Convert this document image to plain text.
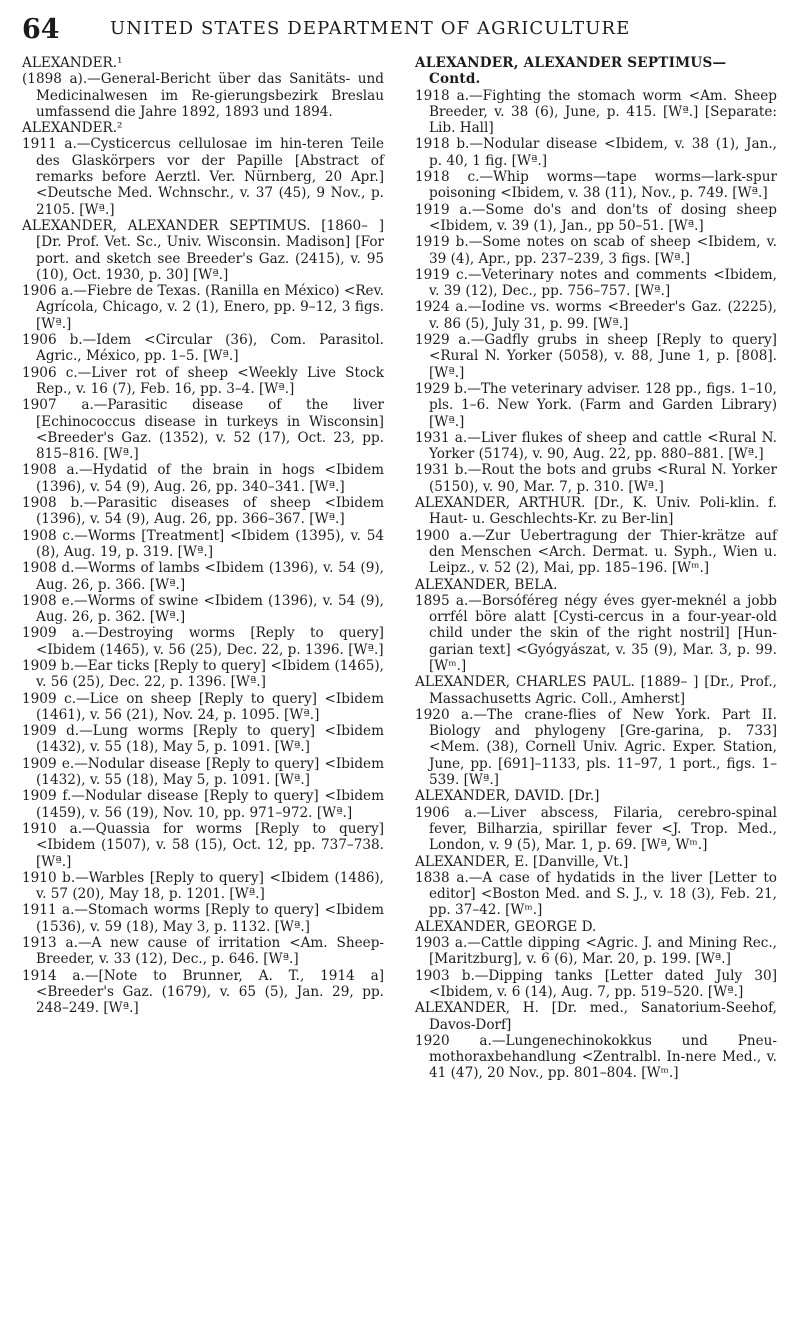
64	UNITED STATES DEPARTMENT OF AGRICULTURE

ALEXANDER.¹

(1898 a).—General-Bericht über das Sanitäts- und Medicinalwesen im Re-gierungsbezirk Breslau umfassend die Jahre 1892, 1893 und 1894.

ALEXANDER.²

1911 a.—Cysticercus cellulosae im hin-teren Teile des Glaskörpers vor der Papille [Abstract of remarks before Aerztl. Ver. Nürnberg, 20 Apr.] <Deutsche Med. Wchnschr., v. 37 (45), 9 Nov., p. 2105. [Wª.]

ALEXANDER, ALEXANDER SEPTIMUS. [1860– ] [Dr. Prof. Vet. Sc., Univ. Wisconsin. Madison] [For port. and sketch see Breeder's Gaz. (2415), v. 95 (10), Oct. 1930, p. 30] [Wª.]

1906 a.—Fiebre de Texas. (Ranilla en México) <Rev. Agrícola, Chicago, v. 2 (1), Enero, pp. 9–12, 3 figs. [Wª.]

1906 b.—Idem <Circular (36), Com. Parasitol. Agric., México, pp. 1–5. [Wª.]

1906 c.—Liver rot of sheep <Weekly Live Stock Rep., v. 16 (7), Feb. 16, pp. 3–4. [Wª.]

1907 a.—Parasitic disease of the liver [Echinococcus disease in turkeys in Wisconsin] <Breeder's Gaz. (1352), v. 52 (17), Oct. 23, pp. 815–816. [Wª.]

1908 a.—Hydatid of the brain in hogs <Ibidem (1396), v. 54 (9), Aug. 26, pp. 340–341. [Wª.]

1908 b.—Parasitic diseases of sheep <Ibidem (1396), v. 54 (9), Aug. 26, pp. 366–367. [Wª.]

1908 c.—Worms [Treatment] <Ibidem (1395), v. 54 (8), Aug. 19, p. 319. [Wª.]

1908 d.—Worms of lambs <Ibidem (1396), v. 54 (9), Aug. 26, p. 366. [Wª.]

1908 e.—Worms of swine <Ibidem (1396), v. 54 (9), Aug. 26, p. 362. [Wª.]

1909 a.—Destroying worms [Reply to query] <Ibidem (1465), v. 56 (25), Dec. 22, p. 1396. [Wª.]

1909 b.—Ear ticks [Reply to query] <Ibidem (1465), v. 56 (25), Dec. 22, p. 1396. [Wª.]

1909 c.—Lice on sheep [Reply to query] <Ibidem (1461), v. 56 (21), Nov. 24, p. 1095. [Wª.]

1909 d.—Lung worms [Reply to query] <Ibidem (1432), v. 55 (18), May 5, p. 1091. [Wª.]

1909 e.—Nodular disease [Reply to query] <Ibidem (1432), v. 55 (18), May 5, p. 1091. [Wª.]

1909 f.—Nodular disease [Reply to query] <Ibidem (1459), v. 56 (19), Nov. 10, pp. 971–972. [Wª.]

1910 a.—Quassia for worms [Reply to query] <Ibidem (1507), v. 58 (15), Oct. 12, pp. 737–738. [Wª.]

1910 b.—Warbles [Reply to query] <Ibidem (1486), v. 57 (20), May 18, p. 1201. [Wª.]

1911 a.—Stomach worms [Reply to query] <Ibidem (1536), v. 59 (18), May 3, p. 1132. [Wª.]

1913 a.—A new cause of irritation <Am. Sheep-Breeder, v. 33 (12), Dec., p. 646. [Wª.]

1914 a.—[Note to Brunner, A. T., 1914 a] <Breeder's Gaz. (1679), v. 65 (5), Jan. 29, pp. 248–249. [Wª.]

ALEXANDER, ALEXANDER SEPTIMUS—Contd.

1918 a.—Fighting the stomach worm <Am. Sheep Breeder, v. 38 (6), June, p. 415. [Wª.] [Separate: Lib. Hall]

1918 b.—Nodular disease <Ibidem, v. 38 (1), Jan., p. 40, 1 fig. [Wª.]

1918 c.—Whip worms—tape worms—lark-spur poisoning <Ibidem, v. 38 (11), Nov., p. 749. [Wª.]

1919 a.—Some do's and don'ts of dosing sheep <Ibidem, v. 39 (1), Jan., pp 50–51. [Wª.]

1919 b.—Some notes on scab of sheep <Ibidem, v. 39 (4), Apr., pp. 237–239, 3 figs. [Wª.]

1919 c.—Veterinary notes and comments <Ibidem, v. 39 (12), Dec., pp. 756–757. [Wª.]

1924 a.—Iodine vs. worms <Breeder's Gaz. (2225), v. 86 (5), July 31, p. 99. [Wª.]

1929 a.—Gadfly grubs in sheep [Reply to query] <Rural N. Yorker (5058), v. 88, June 1, p. [808]. [Wª.]

1929 b.—The veterinary adviser. 128 pp., figs. 1–10, pls. 1–6. New York. (Farm and Garden Library) [Wª.]

1931 a.—Liver flukes of sheep and cattle <Rural N. Yorker (5174), v. 90, Aug. 22, pp. 880–881. [Wª.]

1931 b.—Rout the bots and grubs <Rural N. Yorker (5150), v. 90, Mar. 7, p. 310. [Wª.]

ALEXANDER, ARTHUR. [Dr., K. Univ. Poli-klin. f. Haut- u. Geschlechts-Kr. zu Ber-lin]

1900 a.—Zur Uebertragung der Thier-krätze auf den Menschen <Arch. Dermat. u. Syph., Wien u. Leipz., v. 52 (2), Mai, pp. 185–196. [Wᵐ.]

ALEXANDER, BELA.

1895 a.—Borsóféreg négy éves gyer-meknél a jobb orrfél böre alatt [Cysti-cercus in a four-year-old child under the skin of the right nostril] [Hun-garian text] <Gyógyászat, v. 35 (9), Mar. 3, p. 99. [Wᵐ.]

ALEXANDER, CHARLES PAUL. [1889– ] [Dr., Prof., Massachusetts Agric. Coll., Amherst]

1920 a.—The crane-flies of New York. Part II. Biology and phylogeny [Gre-garina, p. 733] <Mem. (38), Cornell Univ. Agric. Exper. Station, June, pp. [691]–1133, pls. 11–97, 1 port., figs. 1–539. [Wª.]

ALEXANDER, DAVID. [Dr.]

1906 a.—Liver abscess, Filaria, cerebro-spinal fever, Bilharzia, spirillar fever <J. Trop. Med., London, v. 9 (5), Mar. 1, p. 69. [Wª, Wᵐ.]

ALEXANDER, E. [Danville, Vt.]

1838 a.—A case of hydatids in the liver [Letter to editor] <Boston Med. and S. J., v. 18 (3), Feb. 21, pp. 37–42. [Wᵐ.]

ALEXANDER, GEORGE D.

1903 a.—Cattle dipping <Agric. J. and Mining Rec., [Maritzburg], v. 6 (6), Mar. 20, p. 199. [Wª.]

1903 b.—Dipping tanks [Letter dated July 30] <Ibidem, v. 6 (14), Aug. 7, pp. 519–520. [Wª.]

ALEXANDER, H. [Dr. med., Sanatorium-Seehof, Davos-Dorf]

1920 a.—Lungenechinokokkus und Pneu-mothoraxbehandlung <Zentralbl. In-nere Med., v. 41 (47), 20 Nov., pp. 801–804. [Wᵐ.]
